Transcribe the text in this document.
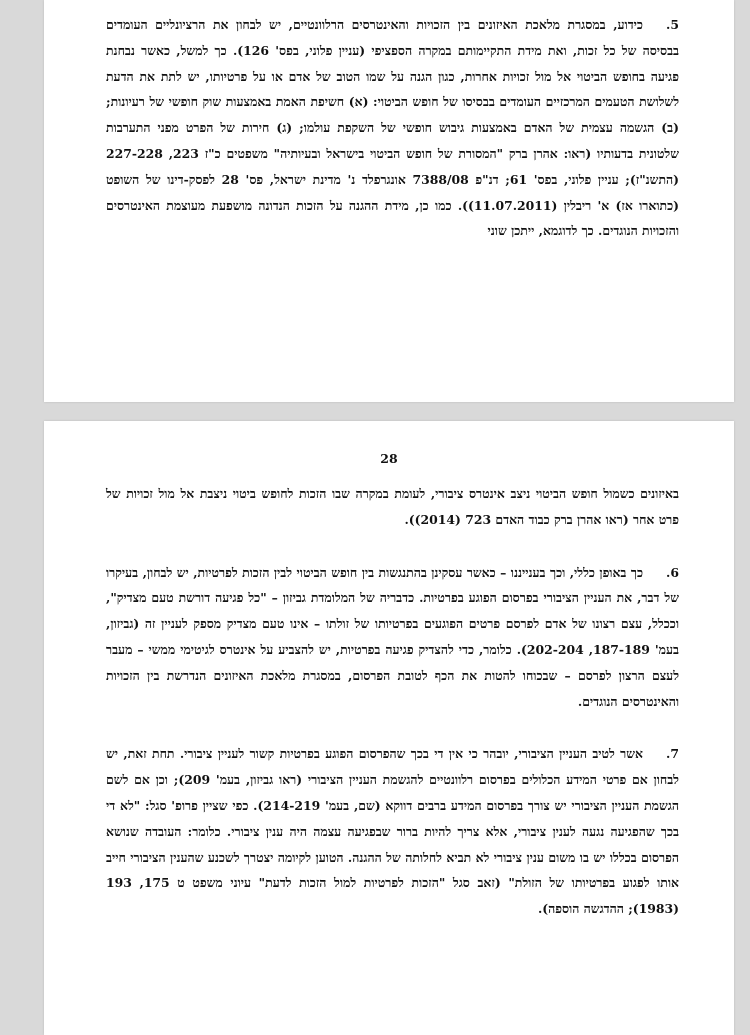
5.כידוע, במסגרת מלאכת האיזונים בין הזכויות והאינטרסים הרלוונטיים, יש לבחון את הרציונליים העומדים בבסיסה של כל זכות, ואת מידת התקיימותם במקרה הספציפי (עניין פלוני, בפס' 126). כך למשל, כאשר נבחנת פגיעה בחופש הביטוי אל מול זכויות אחרות, כגון הגנה על שמו הטוב של אדם או על פרטיותו, יש לתת את הדעת לשלושת הטעמים המרכזיים העומדים בבסיסו של חופש הביטוי: (א) חשיפת האמת באמצעות שוק חופשי של רעיונות; (ב) הגשמה עצמית של האדם באמצעות גיבוש חופשי של השקפת עולמו; (ג) חירות של הפרט מפני התערבות שלטונית בדעותיו (ראו: אהרן ברק "המסורת של חופש הביטוי בישראל ובעיותיה" משפטים כ"ז 223, 227-228 (התשנ"ז); עניין פלוני, בפס' 61; דנ"פ 7388/08 אונגרפלד נ' מדינת ישראל, פס' 28 לפסק-דינו של השופט (כתוארו אז) א' ריבלין (11.07.2011)). כמו כן, מידת ההגנה על הזכות הנדונה מושפעת מעוצמת האינטרסים והזכויות הנוגדים. כך לדוגמא, ייתכן שוני

28

באיזונים כשמול חופש הביטוי ניצב אינטרס ציבורי, לעומת במקרה שבו הזכות לחופש ביטוי ניצבת אל מול זכויות של פרט אחר (ראו אהרן ברק כבוד האדם 723 (2014)).

6.כך באופן כללי, וכך בענייננו – כאשר עסקינן בהתנגשות בין חופש הביטוי לבין הזכות לפרטיות, יש לבחון, בעיקרו של דבר, את העניין הציבורי בפרסום הפוגע בפרטיות. כדבריה של המלומדת גביזון – "כל פגיעה דורשת טעם מצדיק", וככלל, עצם רצונו של אדם לפרסם פרטים הפוגעים בפרטיותו של זולתו – אינו טעם מצדיק מספק לעניין זה (גביזון, בעמ' 187-189, 202-204). כלומר, כדי להצדיק פגיעה בפרטיות, יש להצביע על אינטרס לגיטימי ממשי – מעבר לעצם הרצון לפרסם – שבכוחו להטות את הכף לטובת הפרסום, במסגרת מלאכת האיזונים הנדרשת בין הזכויות והאינטרסים הנוגדים.

7.אשר לטיב העניין הציבורי, יובהר כי אין די בכך שהפרסום הפוגע בפרטיות קשור לעניין ציבורי. תחת זאת, יש לבחון אם פרטי המידע הכלולים בפרסום רלוונטיים להגשמת העניין הציבורי (ראו גביזון, בעמ' 209); וכן אם לשם הגשמת העניין הציבורי יש צורך בפרסום המידע ברבים דווקא (שם, בעמ' 214-219). כפי שציין פרופ' סגל: "לא די בכך שהפגיעה נגעה לענין ציבורי, אלא צריך להיות ברור שבפגיעה עצמה היה ענין ציבורי. כלומר: העובדה שנושא הפרסום בכללו יש בו משום ענין ציבורי לא תביא לחלותה של ההגנה. הטוען לקיומה יצטרך לשכנע שהענין הציבורי חייב אותו לפגוע בפרטיותו של הזולת" (זאב סגל "הזכות לפרטיות למול הזכות לדעת" עיוני משפט ט 175, 193 (1983); ההדגשה הוספה).
